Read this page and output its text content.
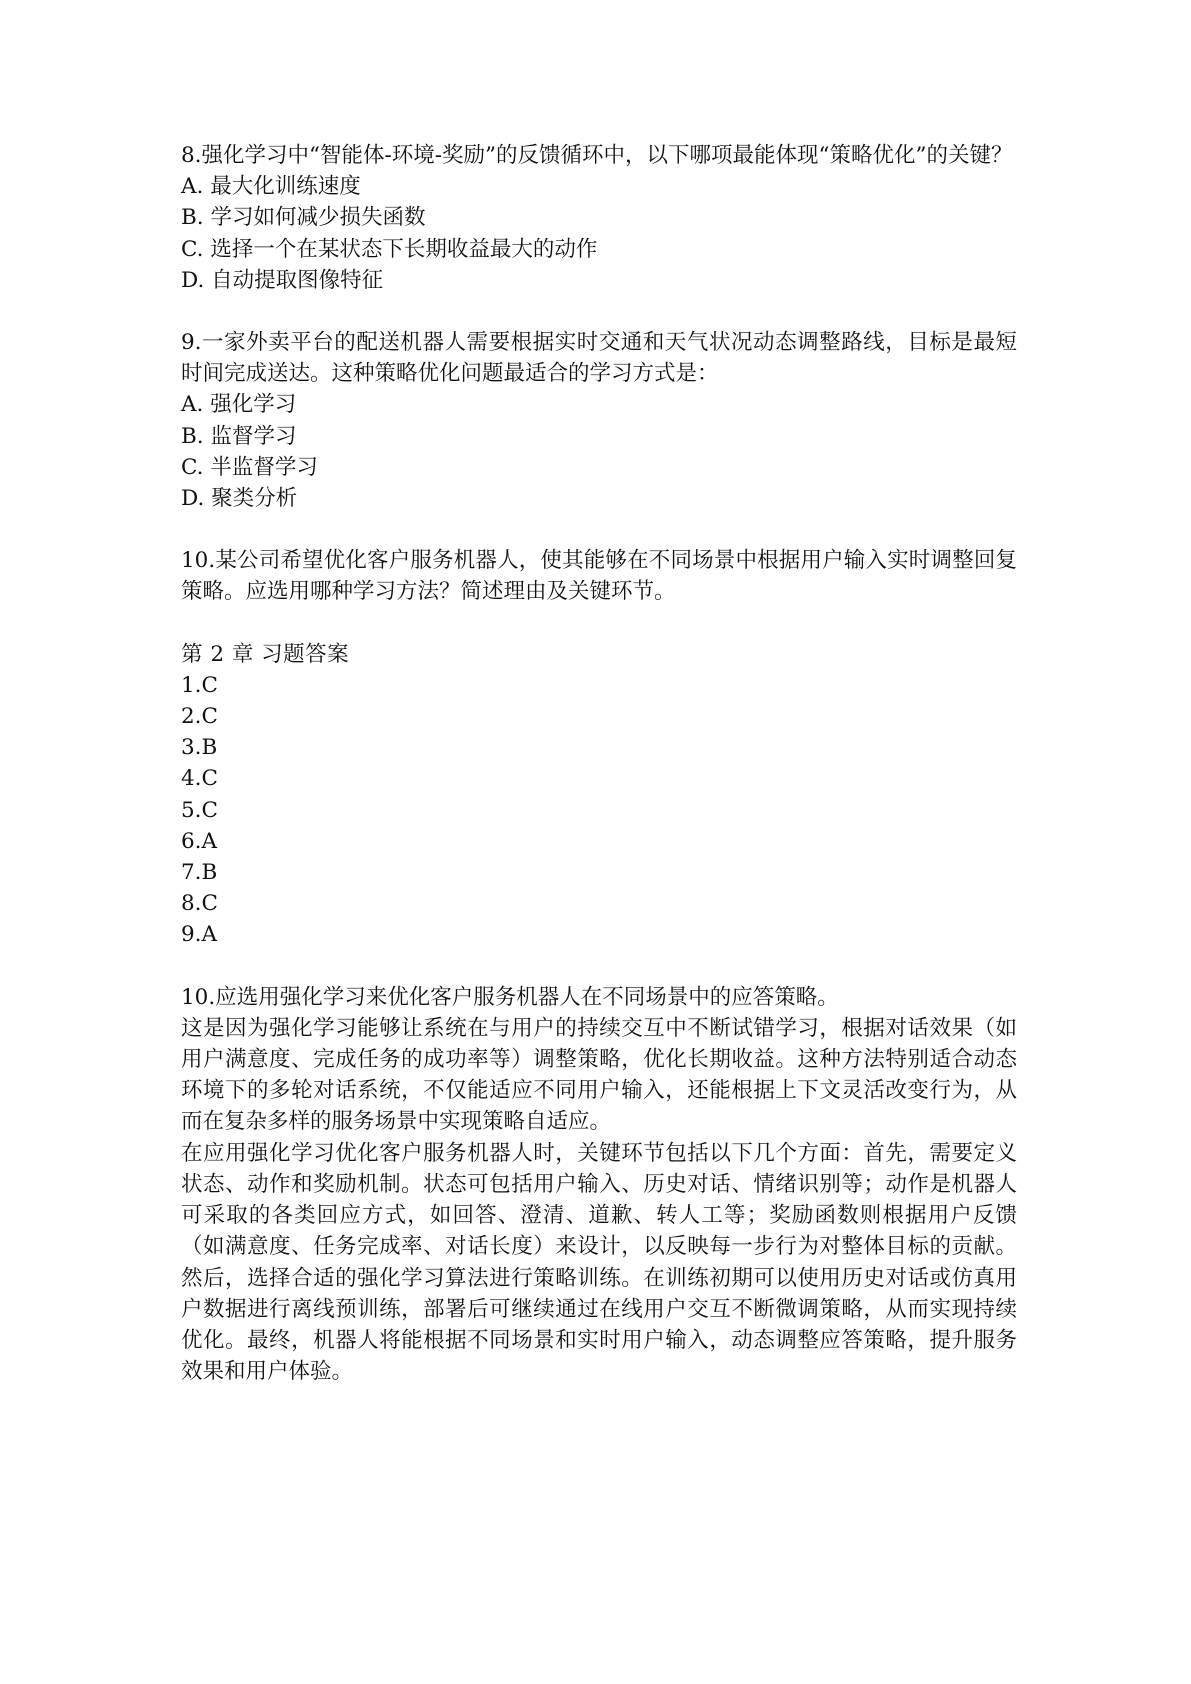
8.强化学习中“智能体-环境-奖励”的反馈循环中，以下哪项最能体现“策略优化”的关键？
A. 最大化训练速度
B. 学习如何减少损失函数
C. 选择一个在某状态下长期收益最大的动作
D. 自动提取图像特征
9.一家外卖平台的配送机器人需要根据实时交通和天气状况动态调整路线，目标是最短时间完成送达。这种策略优化问题最适合的学习方式是：
A. 强化学习
B. 监督学习
C. 半监督学习
D. 聚类分析
10.某公司希望优化客户服务机器人，使其能够在不同场景中根据用户输入实时调整回复策略。应选用哪种学习方法？简述理由及关键环节。
第 2 章 习题答案
1.C
2.C
3.B
4.C
5.C
6.A
7.B
8.C
9.A
10.应选用强化学习来优化客户服务机器人在不同场景中的应答策略。
这是因为强化学习能够让系统在与用户的持续交互中不断试错学习，根据对话效果（如用户满意度、完成任务的成功率等）调整策略，优化长期收益。这种方法特别适合动态环境下的多轮对话系统，不仅能适应不同用户输入，还能根据上下文灵活改变行为，从而在复杂多样的服务场景中实现策略自适应。
在应用强化学习优化客户服务机器人时，关键环节包括以下几个方面：首先，需要定义状态、动作和奖励机制。状态可包括用户输入、历史对话、情绪识别等；动作是机器人可采取的各类回应方式，如回答、澄清、道歉、转人工等；奖励函数则根据用户反馈（如满意度、任务完成率、对话长度）来设计，以反映每一步行为对整体目标的贡献。然后，选择合适的强化学习算法进行策略训练。在训练初期可以使用历史对话或仿真用户数据进行离线预训练，部署后可继续通过在线用户交互不断微调策略，从而实现持续优化。最终，机器人将能根据不同场景和实时用户输入，动态调整应答策略，提升服务效果和用户体验。
